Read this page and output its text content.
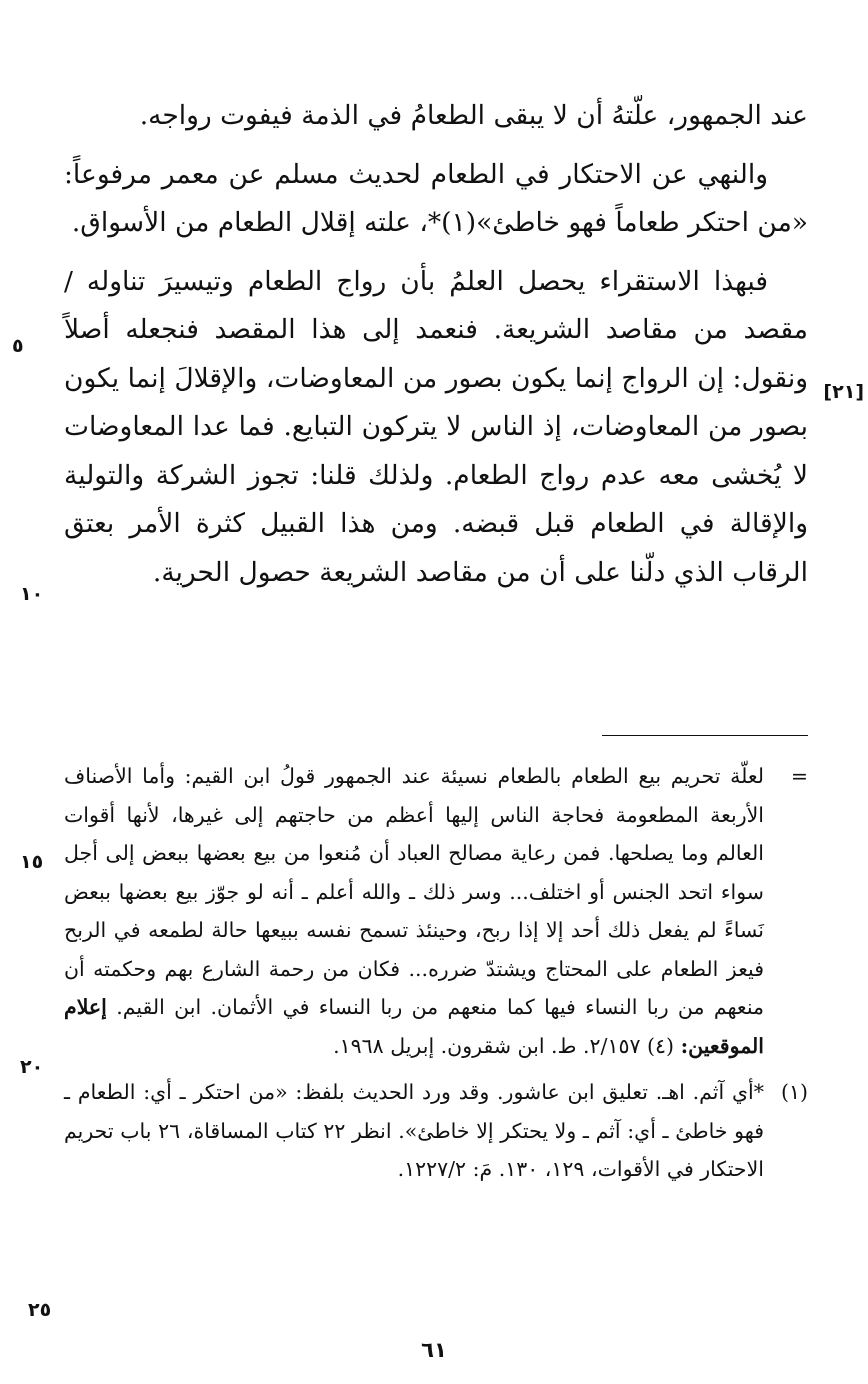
عند الجمهور، علّتهُ أن لا يبقى الطعامُ في الذمة فيفوت رواجه.

والنهي عن الاحتكار في الطعام لحديث مسلم عن معمر مرفوعاً: «من احتكر طعاماً فهو خاطئ»(١)*، علته إقلال الطعام من الأسواق.

فبهذا الاستقراء يحصل العلمُ بأن رواج الطعام وتيسيرَ تناوله /مقصد من مقاصد الشريعة. فنعمد إلى هذا المقصد فنجعله أصلاً ونقول: إن الرواج إنما يكون بصور من المعاوضات، والإقلالَ إنما يكون بصور من المعاوضات، إذ الناس لا يتركون التبايع. فما عدا المعاوضات لا يُخشى معه عدم رواج الطعام. ولذلك قلنا: تجوز الشركة والتولية والإقالة في الطعام قبل قبضه. ومن هذا القبيل كثرة الأمر بعتق الرقاب الذي دلّنا على أن من مقاصد الشريعة حصول الحرية.

=
لعلّة تحريم بيع الطعام بالطعام نسيئة عند الجمهور قولُ ابن القيم: وأما الأصناف الأربعة المطعومة فحاجة الناس إليها أعظم من حاجتهم إلى غيرها، لأنها أقوات العالم وما يصلحها. فمن رعاية مصالح العباد أن مُنعوا من بيع بعضها ببعض إلى أجل سواء اتحد الجنس أو اختلف... وسر ذلك ـ والله أعلم ـ أنه لو جوّز بيع بعضها ببعض نَساءً لم يفعل ذلك أحد إلا إذا ربح، وحينئذ تسمح نفسه ببيعها حالة لطمعه في الربح فيعز الطعام على المحتاج ويشتدّ ضرره... فكان من رحمة الشارع بهم وحكمته أن منعهم من ربا النساء فيها كما منعهم من ربا النساء في الأثمان. ابن القيم. إعلام الموقعين: (٤) ٢/١٥٧. ط. ابن شقرون. إبريل ١٩٦٨.

(١)
*أي آثم. اهـ. تعليق ابن عاشور. وقد ورد الحديث بلفظ: «من احتكر ـ أي: الطعام ـ فهو خاطئ ـ أي: آثم ـ ولا يحتكر إلا خاطئ». انظر ٢٢ كتاب المساقاة، ٢٦ باب تحريم الاحتكار في الأقوات، ١٢٩، ١٣٠. مَ: ١٢٢٧/٢.

[٢١]
٥
١٠
١٥
٢٠
٢٥
٦١
